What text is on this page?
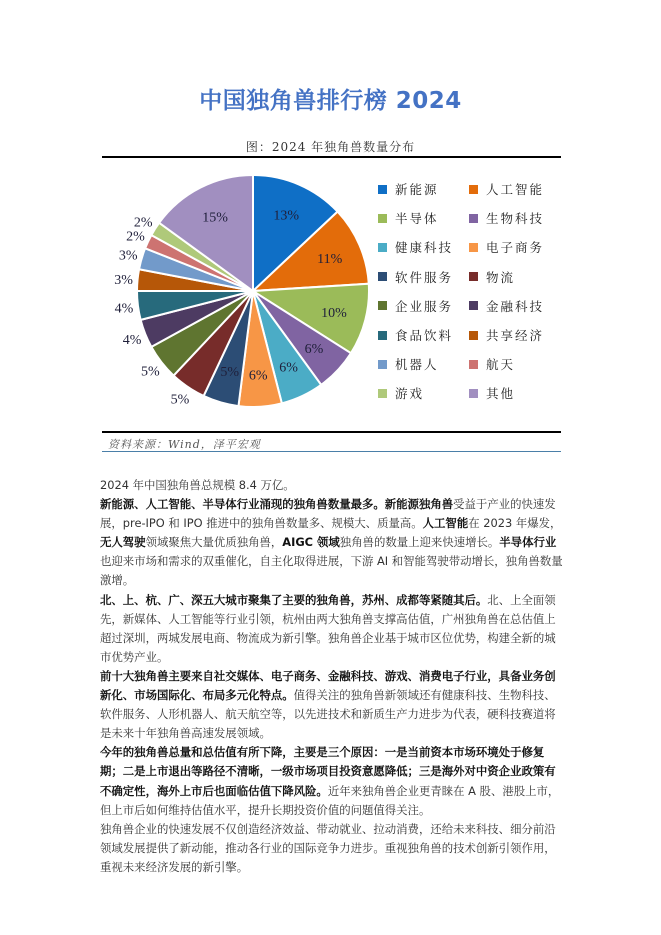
中国独角兽排行榜 2024
图：2024 年独角兽数量分布
13%
11%
10%
6%
6%
6%
5%
5%
5%
4%
4%
3%
3%
2%
2%	15%
新能源	人工智能
半导体	生物科技
健康科技	电子商务
软件服务	物流
企业服务	金融科技
食品饮料	共享经济
机器人	航天
游戏	其他
资料来源：Wind，泽平宏观

2024 年中国独角兽总规模 8.4 万亿。

新能源、人工智能、半导体行业涌现的独角兽数量最多。新能源独角兽受益于产业的快速发展，pre-IPO 和 IPO 推进中的独角兽数量多、规模大、质量高。人工智能在 2023 年爆发，无人驾驶领域聚焦大量优质独角兽，AIGC 领域独角兽的数量上迎来快速增长。半导体行业也迎来市场和需求的双重催化，自主化取得进展，下游 AI 和智能驾驶带动增长，独角兽数量激增。

北、上、杭、广、深五大城市聚集了主要的独角兽，苏州、成都等紧随其后。北、上全面领先，新媒体、人工智能等行业引领，杭州由两大独角兽支撑高估值，广州独角兽在总估值上超过深圳，两城发展电商、物流成为新引擎。独角兽企业基于城市区位优势，构建全新的城市优势产业。

前十大独角兽主要来自社交媒体、电子商务、金融科技、游戏、消费电子行业，具备业务创新化、市场国际化、布局多元化特点。值得关注的独角兽新领域还有健康科技、生物科技、软件服务、人形机器人、航天航空等，以先进技术和新质生产力进步为代表，硬科技赛道将是未来十年独角兽高速发展领域。

今年的独角兽总量和总估值有所下降，主要是三个原因：一是当前资本市场环境处于修复期；二是上市退出等路径不清晰，一级市场项目投资意愿降低；三是海外对中资企业政策有不确定性，海外上市后也面临估值下降风险。近年来独角兽企业更青睐在 A 股、港股上市，但上市后如何维持估值水平，提升长期投资价值的问题值得关注。

独角兽企业的快速发展不仅创造经济效益、带动就业、拉动消费，还给未来科技、细分前沿领域发展提供了新动能，推动各行业的国际竞争力进步。重视独角兽的技术创新引领作用，重视未来经济发展的新引擎。
